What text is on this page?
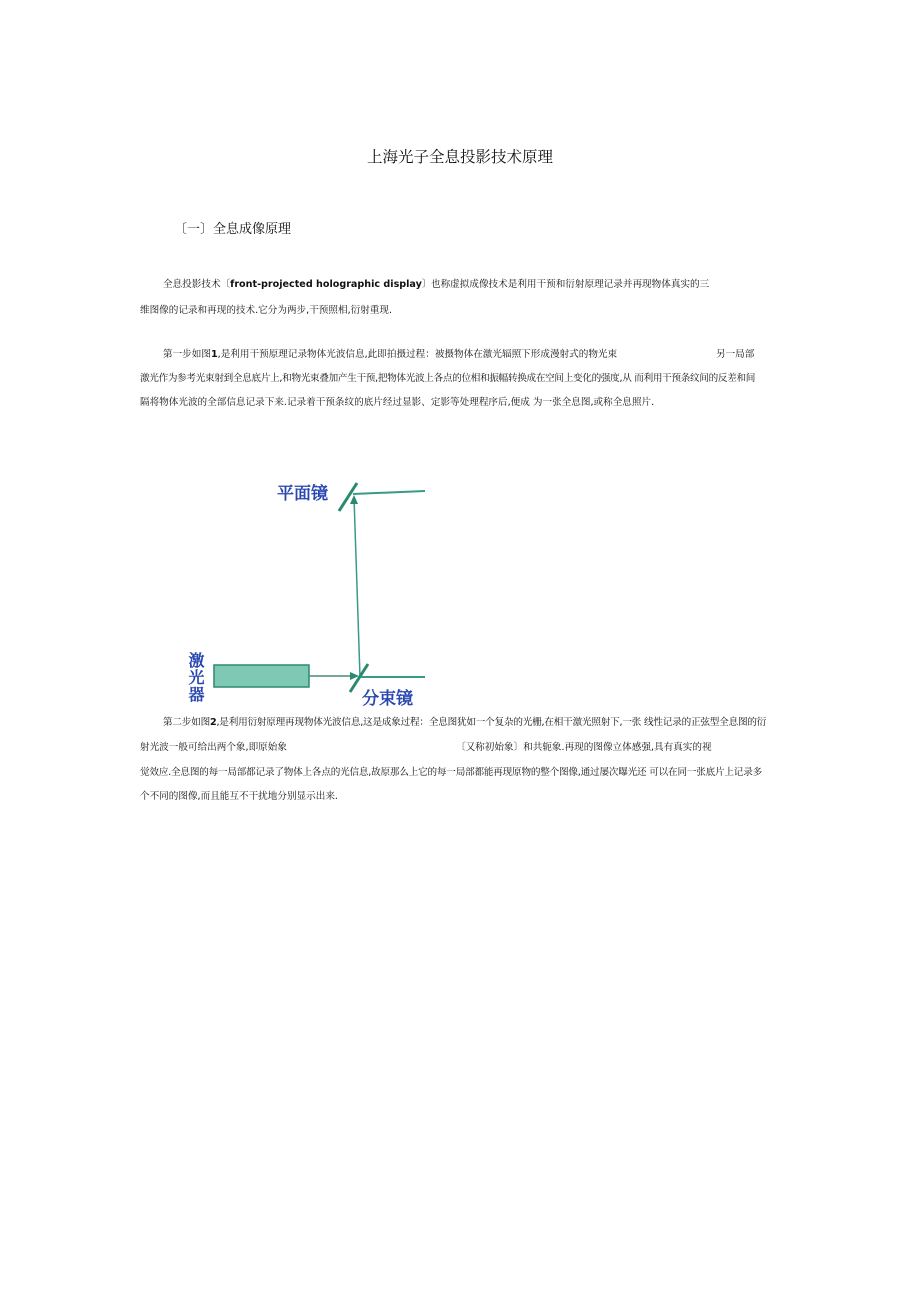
上海光子全息投影技术原理
〔一〕全息成像原理
全息投影技术〔front-projected holographic display〕 也称虚拟成像技术是利用干预和衍射原理记录并再现物体真实的三
维图像的记录和再现的技术.它分为两步,干预照相,衍射重现.
第一步如图1,是利用干预原理记录物体光波信息,此即拍摄过程：被摄物体在激光辐照下形成漫射式的物光束	另一局部
激光作为参考光束射到全息底片上,和物光束叠加产生干预,把物体光波上各点的位相和振幅转换成在空间上变化的强度,从 而利用干预条纹间的反差和间
隔将物体光波的全部信息记录下来.记录着干预条纹的底片经过显影、定影等处理程序后,便成 为一张全息图,或称全息照片.
平面镜
分束镜
激光器
第二步如图2,是利用衍射原理再现物体光波信息,这是成象过程：全息图犹如一个复杂的光栅,在相干激光照射下,一张 线性记录的正弦型全息图的衍
射光波一般可给出两个象,即原始象	〔又称初始象〕和共轭象.再现的图像立体感强,具有真实的视
觉效应.全息图的每一局部都记录了物体上各点的光信息,故原那么上它的每一局部都能再现原物的整个图像,通过屡次曝光还 可以在同一张底片上记录多
个不同的图像,而且能互不干扰地分别显示出来.
